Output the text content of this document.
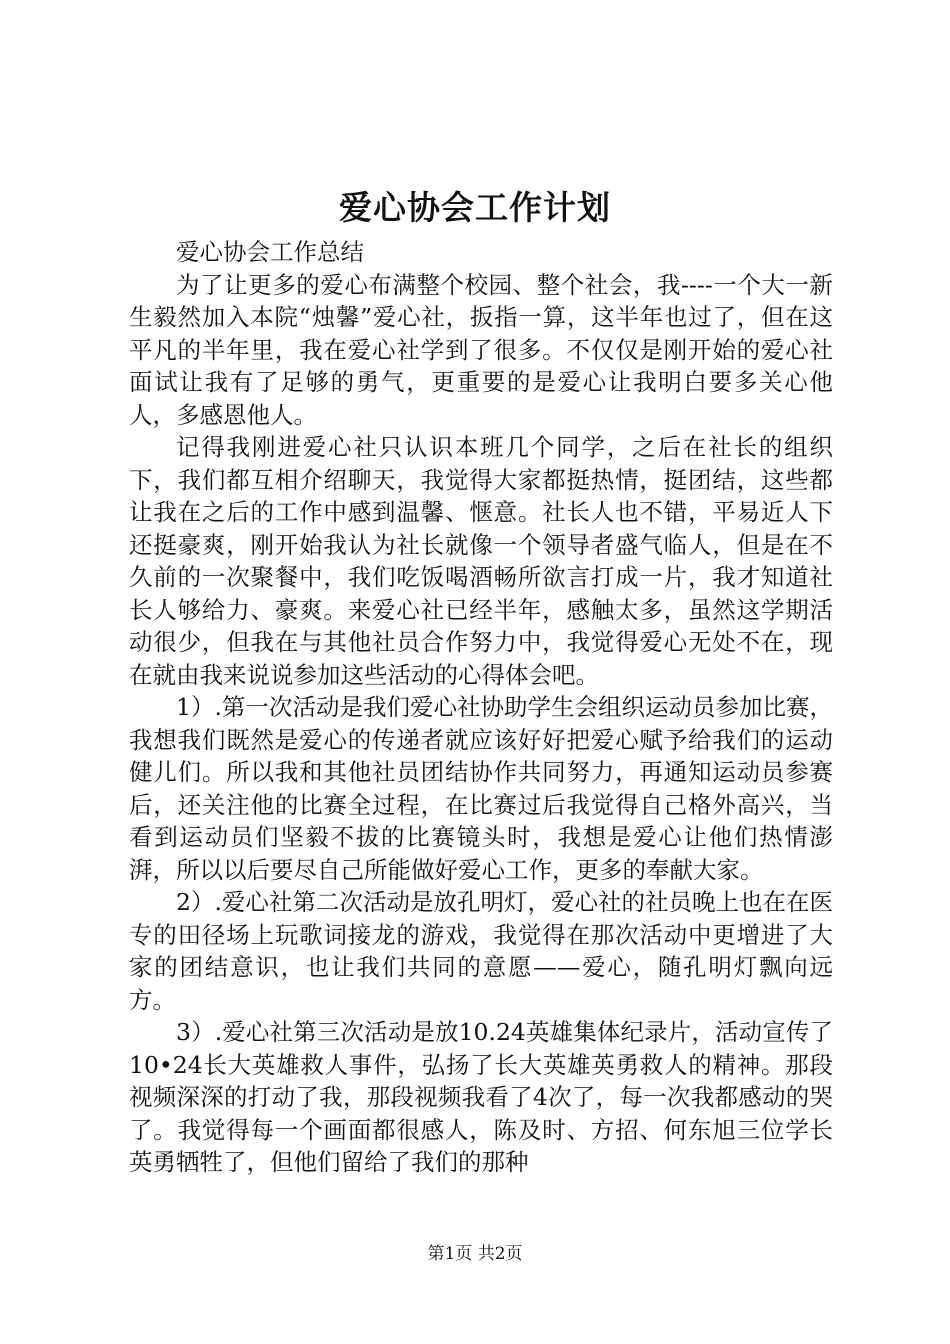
爱心协会工作计划

爱心协会工作总结

为了让更多的爱心布满整个校园、整个社会，我----一个大一新生毅然加入本院“烛馨”爱心社，扳指一算，这半年也过了，但在这平凡的半年里，我在爱心社学到了很多。不仅仅是刚开始的爱心社面试让我有了足够的勇气，更重要的是爱心让我明白要多关心他人，多感恩他人。

记得我刚进爱心社只认识本班几个同学，之后在社长的组织下，我们都互相介绍聊天，我觉得大家都挺热情，挺团结，这些都让我在之后的工作中感到温馨、惬意。社长人也不错，平易近人下还挺豪爽，刚开始我认为社长就像一个领导者盛气临人，但是在不久前的一次聚餐中，我们吃饭喝酒畅所欲言打成一片，我才知道社长人够给力、豪爽。来爱心社已经半年，感触太多，虽然这学期活动很少，但我在与其他社员合作努力中，我觉得爱心无处不在，现在就由我来说说参加这些活动的心得体会吧。

1）.第一次活动是我们爱心社协助学生会组织运动员参加比赛，我想我们既然是爱心的传递者就应该好好把爱心赋予给我们的运动健儿们。所以我和其他社员团结协作共同努力，再通知运动员参赛后，还关注他的比赛全过程，在比赛过后我觉得自己格外高兴，当看到运动员们坚毅不拔的比赛镜头时，我想是爱心让他们热情澎湃，所以以后要尽自己所能做好爱心工作，更多的奉献大家。

2）.爱心社第二次活动是放孔明灯，爱心社的社员晚上也在在医专的田径场上玩歌词接龙的游戏，我觉得在那次活动中更增进了大家的团结意识，也让我们共同的意愿——爱心，随孔明灯飘向远方。

3）.爱心社第三次活动是放10.24英雄集体纪录片，活动宣传了10•24长大英雄救人事件，弘扬了长大英雄英勇救人的精神。那段视频深深的打动了我，那段视频我看了4次了，每一次我都感动的哭了。我觉得每一个画面都很感人，陈及时、方招、何东旭三位学长英勇牺牲了，但他们留给了我们的那种

第1页 共2页
